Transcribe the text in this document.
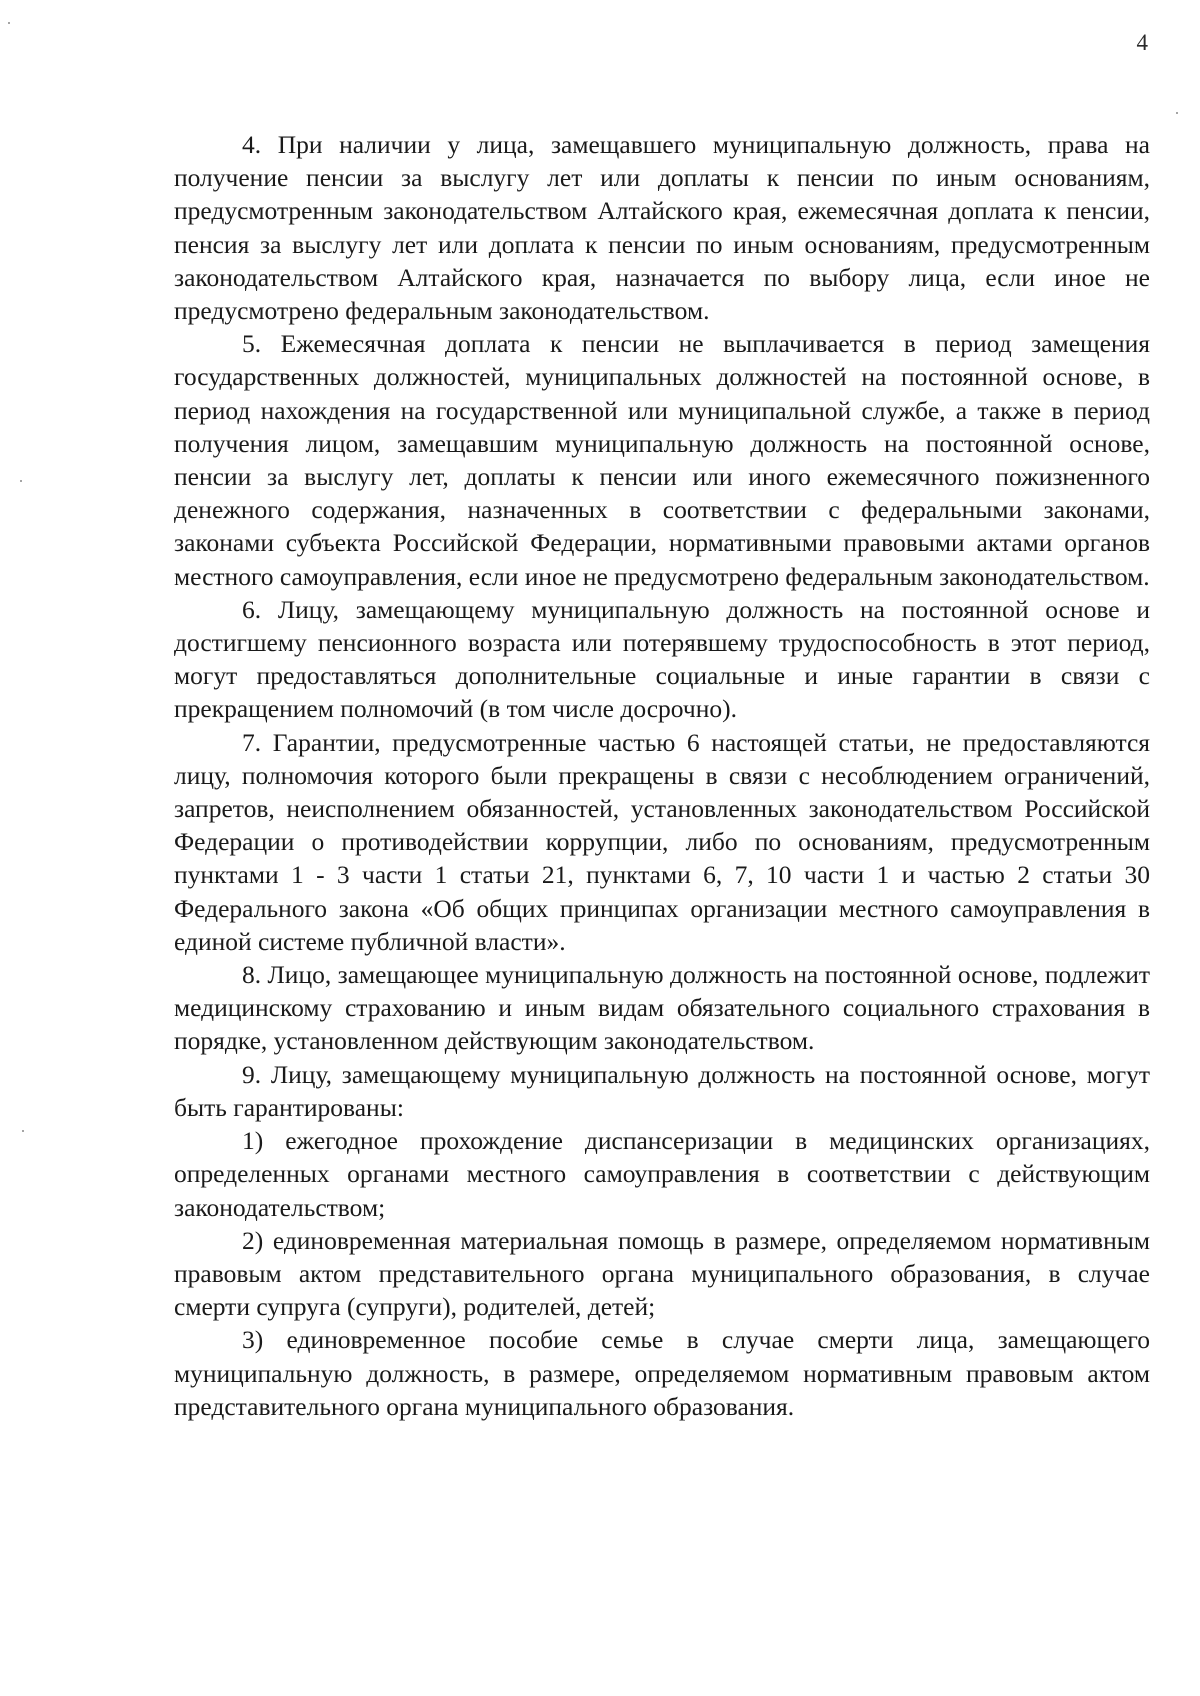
4

4. При наличии у лица, замещавшего муниципальную должность, права на получение пенсии за выслугу лет или доплаты к пенсии по иным основаниям, предусмотренным законодательством Алтайского края, ежемесячная доплата к пенсии, пенсия за выслугу лет или доплата к пенсии по иным основаниям, предусмотренным законодательством Алтайского края, назначается по выбору лица, если иное не предусмотрено федеральным законодательством.

5. Ежемесячная доплата к пенсии не выплачивается в период замещения государственных должностей, муниципальных должностей на постоянной основе, в период нахождения на государственной или муниципальной службе, а также в период получения лицом, замещавшим муниципальную должность на постоянной основе, пенсии за выслугу лет, доплаты к пенсии или иного ежемесячного пожизненного денежного содержания, назначенных в соответствии с федеральными законами, законами субъекта Российской Федерации, нормативными правовыми актами органов местного самоуправления, если иное не предусмотрено федеральным законодательством.

6. Лицу, замещающему муниципальную должность на постоянной основе и достигшему пенсионного возраста или потерявшему трудоспособность в этот период, могут предоставляться дополнительные социальные и иные гарантии в связи с прекращением полномочий (в том числе досрочно).

7. Гарантии, предусмотренные частью 6 настоящей статьи, не предоставляются лицу, полномочия которого были прекращены в связи с несоблюдением ограничений, запретов, неисполнением обязанностей, установленных законодательством Российской Федерации о противодействии коррупции, либо по основаниям, предусмотренным пунктами 1 - 3 части 1 статьи 21, пунктами 6, 7, 10 части 1 и частью 2 статьи 30 Федерального закона «Об общих принципах организации местного самоуправления в единой системе публичной власти».

8. Лицо, замещающее муниципальную должность на постоянной основе, подлежит медицинскому страхованию и иным видам обязательного социального страхования в порядке, установленном действующим законодательством.

9. Лицу, замещающему муниципальную должность на постоянной основе, могут быть гарантированы:

1) ежегодное прохождение диспансеризации в медицинских организациях, определенных органами местного самоуправления в соответствии с действующим законодательством;

2) единовременная материальная помощь в размере, определяемом нормативным правовым актом представительного органа муниципального образования, в случае смерти супруга (супруги), родителей, детей;

3) единовременное пособие семье в случае смерти лица, замещающего муниципальную должность, в размере, определяемом нормативным правовым актом представительного органа муниципального образования.
